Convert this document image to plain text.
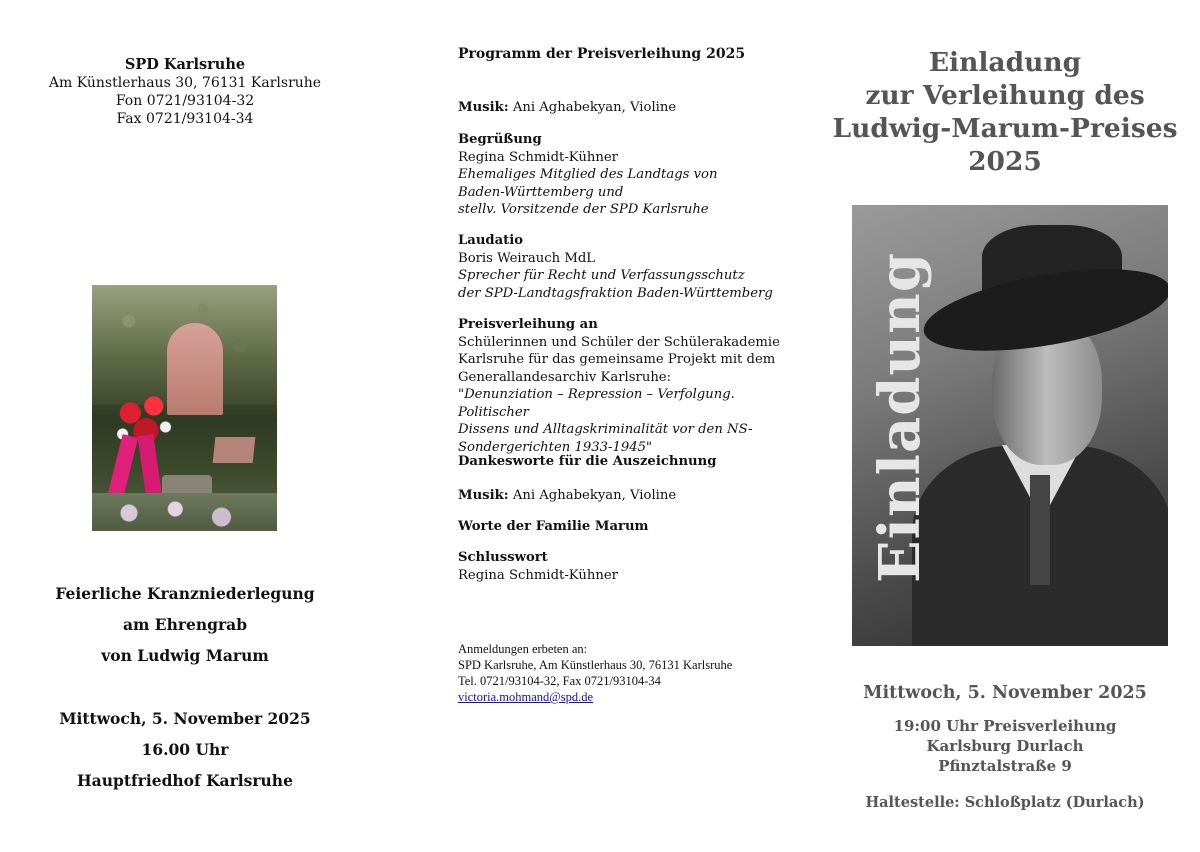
SPD Karlsruhe
Am Künstlerhaus 30, 76131 Karlsruhe
Fon 0721/93104-32
Fax 0721/93104-34
Feierliche Kranzniederlegung
am Ehrengrab
von Ludwig Marum
Mittwoch, 5. November 2025
16.00 Uhr
Hauptfriedhof Karlsruhe
Programm der Preisverleihung 2025
Musik: Ani Aghabekyan, Violine
Begrüßung
Regina Schmidt-Kühner
Ehemaliges Mitglied des Landtags von
Baden-Württemberg und
stellv. Vorsitzende der SPD Karlsruhe
Laudatio
Boris Weirauch MdL
Sprecher für Recht und Verfassungsschutz
der SPD-Landtagsfraktion Baden-Württemberg
Preisverleihung an
Schülerinnen und Schüler der Schülerakademie
Karlsruhe für das gemeinsame Projekt mit dem
Generallandesarchiv Karlsruhe:
"Denunziation – Repression – Verfolgung. Politischer
Dissens und Alltagskriminalität vor den NS-
Sondergerichten 1933-1945"
Dankesworte für die Auszeichnung
Musik: Ani Aghabekyan, Violine
Worte der Familie Marum
Schlusswort
Regina Schmidt-Kühner
Anmeldungen erbeten an:
SPD Karlsruhe, Am Künstlerhaus 30, 76131 Karlsruhe
Tel. 0721/93104-32, Fax 0721/93104-34
victoria.mohmand@spd.de
Einladung
zur Verleihung des
Ludwig-Marum-Preises
2025
Einladung
Mittwoch, 5. November 2025
19:00 Uhr Preisverleihung
Karlsburg Durlach
Pfinztalstraße 9
Haltestelle: Schloßplatz (Durlach)
